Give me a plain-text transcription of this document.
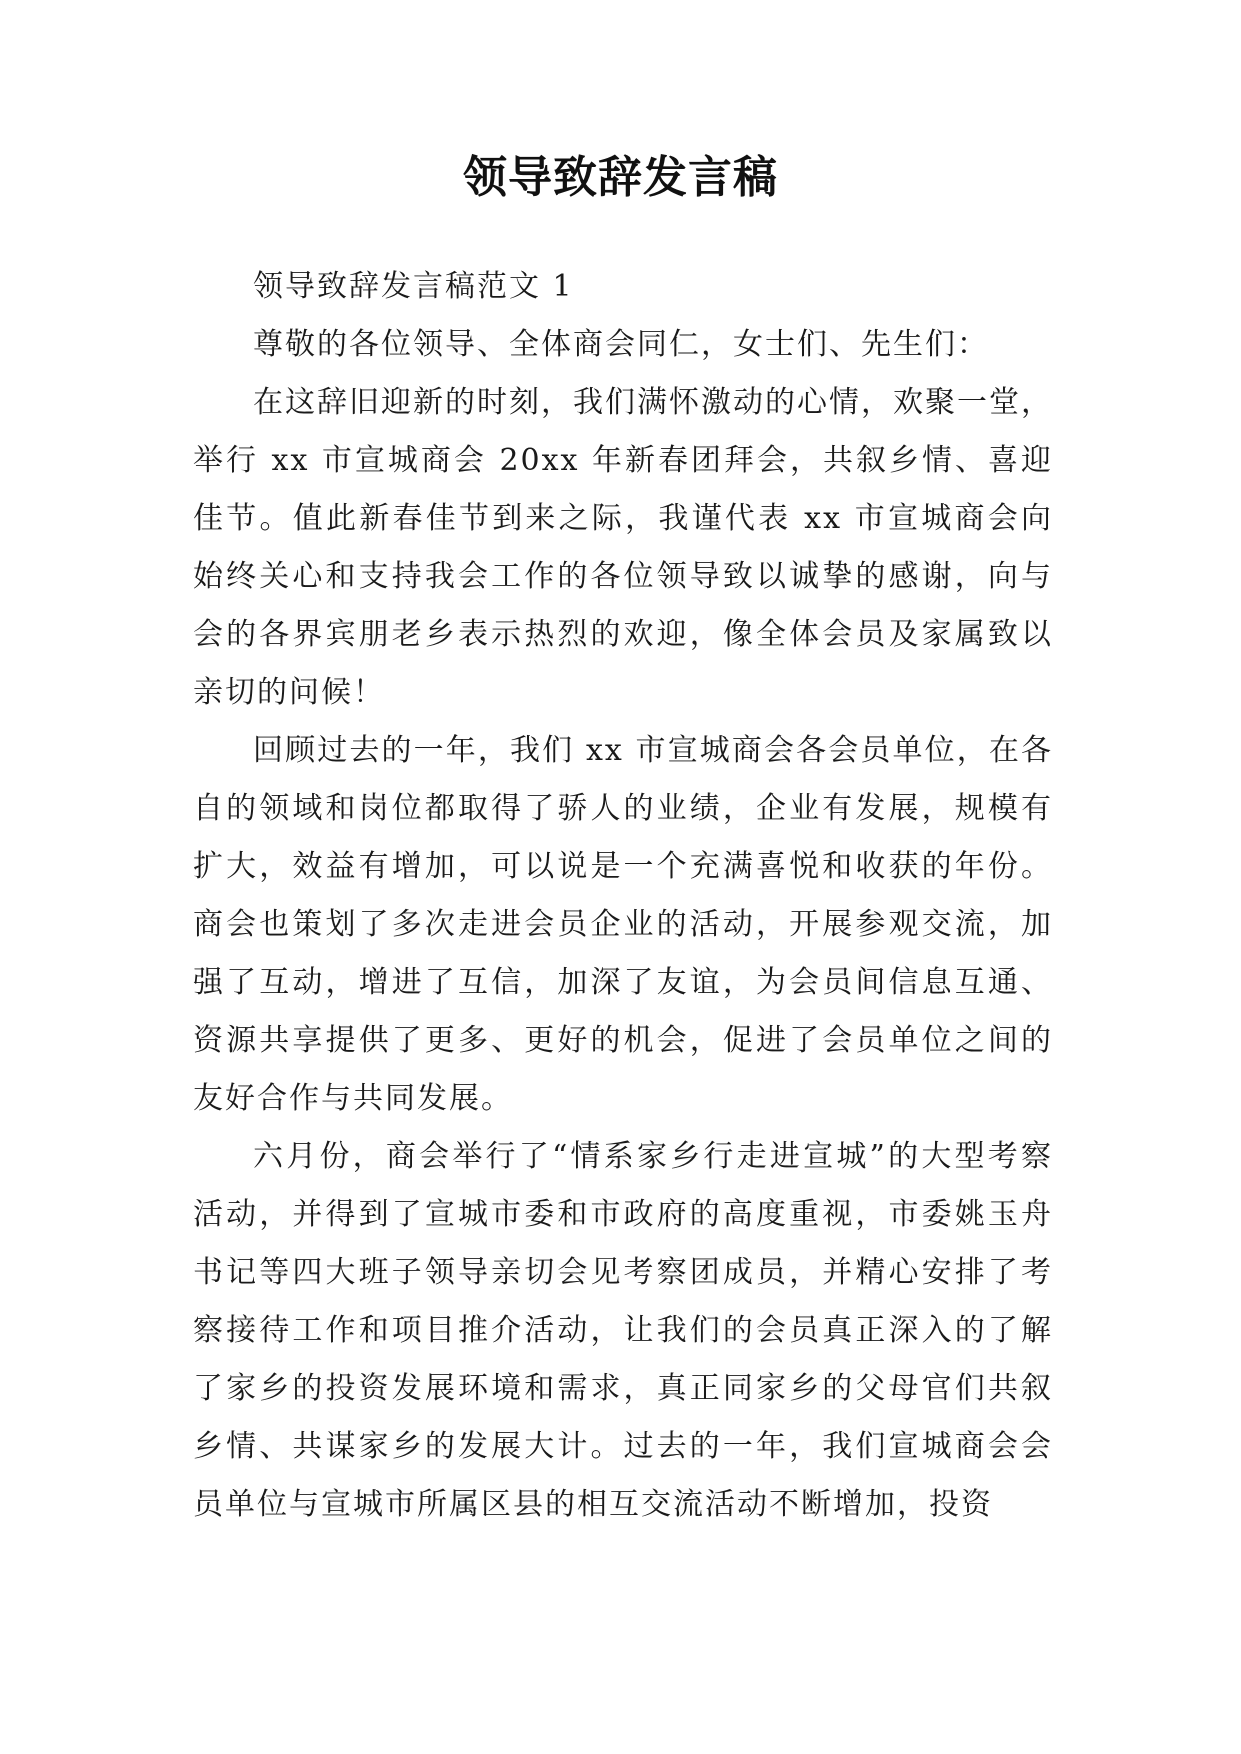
领导致辞发言稿

领导致辞发言稿范文 1

尊敬的各位领导、全体商会同仁，女士们、先生们：

在这辞旧迎新的时刻，我们满怀激动的心情，欢聚一堂，举行 xx 市宣城商会 20xx 年新春团拜会，共叙乡情、喜迎佳节。值此新春佳节到来之际，我谨代表 xx 市宣城商会向始终关心和支持我会工作的各位领导致以诚挚的感谢，向与会的各界宾朋老乡表示热烈的欢迎，像全体会员及家属致以亲切的问候！

回顾过去的一年，我们 xx 市宣城商会各会员单位，在各自的领域和岗位都取得了骄人的业绩，企业有发展，规模有扩大，效益有增加，可以说是一个充满喜悦和收获的年份。商会也策划了多次走进会员企业的活动，开展参观交流，加强了互动，增进了互信，加深了友谊，为会员间信息互通、资源共享提供了更多、更好的机会，促进了会员单位之间的友好合作与共同发展。

六月份，商会举行了“情系家乡行走进宣城”的大型考察活动，并得到了宣城市委和市政府的高度重视，市委姚玉舟书记等四大班子领导亲切会见考察团成员，并精心安排了考察接待工作和项目推介活动，让我们的会员真正深入的了解了家乡的投资发展环境和需求，真正同家乡的父母官们共叙乡情、共谋家乡的发展大计。过去的一年，我们宣城商会会员单位与宣城市所属区县的相互交流活动不断增加，投资
